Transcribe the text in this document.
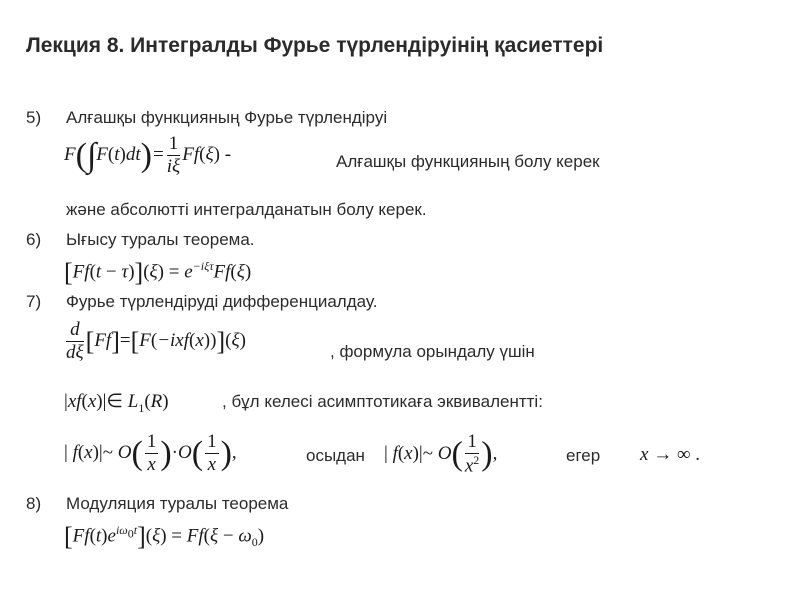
Лекция 8. Интегралды Фурье түрлендіруінің қасиеттері
5) Алғашқы функцияның Фурье түрлендіруі
$F(\int F(t)dt)= \frac{1}{i\xi} Ff(\xi)$ -	Алғашқы функцияның болу керек
және абсолютті интегралданатын болу керек.
6) Ығысу туралы теорема.
$[Ff(t - \tau)](\xi) = e^{-i\xi\tau}Ff(\xi)$
7) Фурье түрлендіруді дифференциалдау.
$\frac{d}{d\xi} [Ff]=[F(-ixf(x))](\xi)$
, формула орындалу үшін
|xf(x)|∈ $L_1(R)$	, бұл келесі асимптотикаға эквивалентті:
| f(x)|~ $O( \frac{1}{x} )\cdot O( \frac{1}{x}$ ),	осыдан | f(x)|~ $O( \frac{1}{x^2}$ ),	егер x → ∞ .
8) Модуляция туралы теорема
$[Ff(t)e^{i\omega_0t}](\xi) = Ff(\xi - \omega_0)$
